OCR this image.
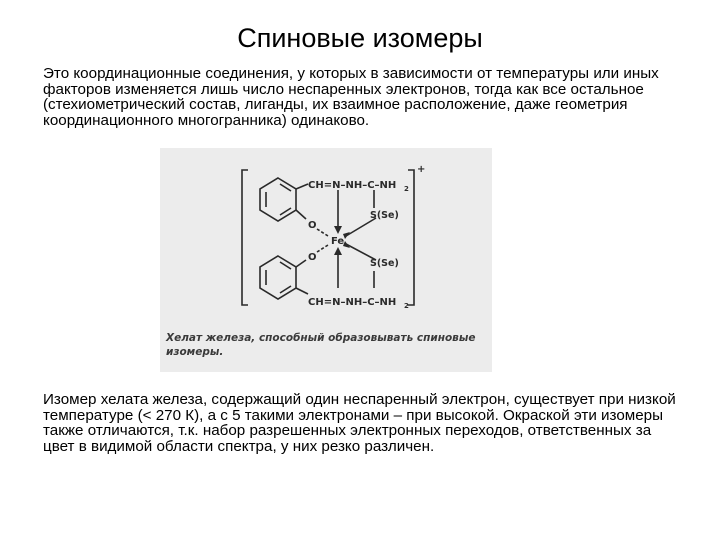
Спиновые изомеры
Это координационные соединения, у которых в зависимости от температуры или иных факторов изменяется лишь число неспаренных электронов, тогда как все остальное (стехиометрический состав, лиганды, их взаимное расположение, даже геометрия координационного многогранника) одинаково.
CH=N–NH–C–NH 2
CH=N–NH–C–NH 2
O
O
S(Se)
S(Se)
Fe
+
Хелат железа, способный образовывать спиновые изомеры.
Изомер хелата железа, содержащий один неспаренный электрон, существует при низкой температуре (< 270 К), а с 5 такими электронами – при высокой. Окраской эти изомеры также отличаются, т.к. набор разрешенных электронных переходов, ответственных за цвет в видимой области спектра, у них резко различен.
